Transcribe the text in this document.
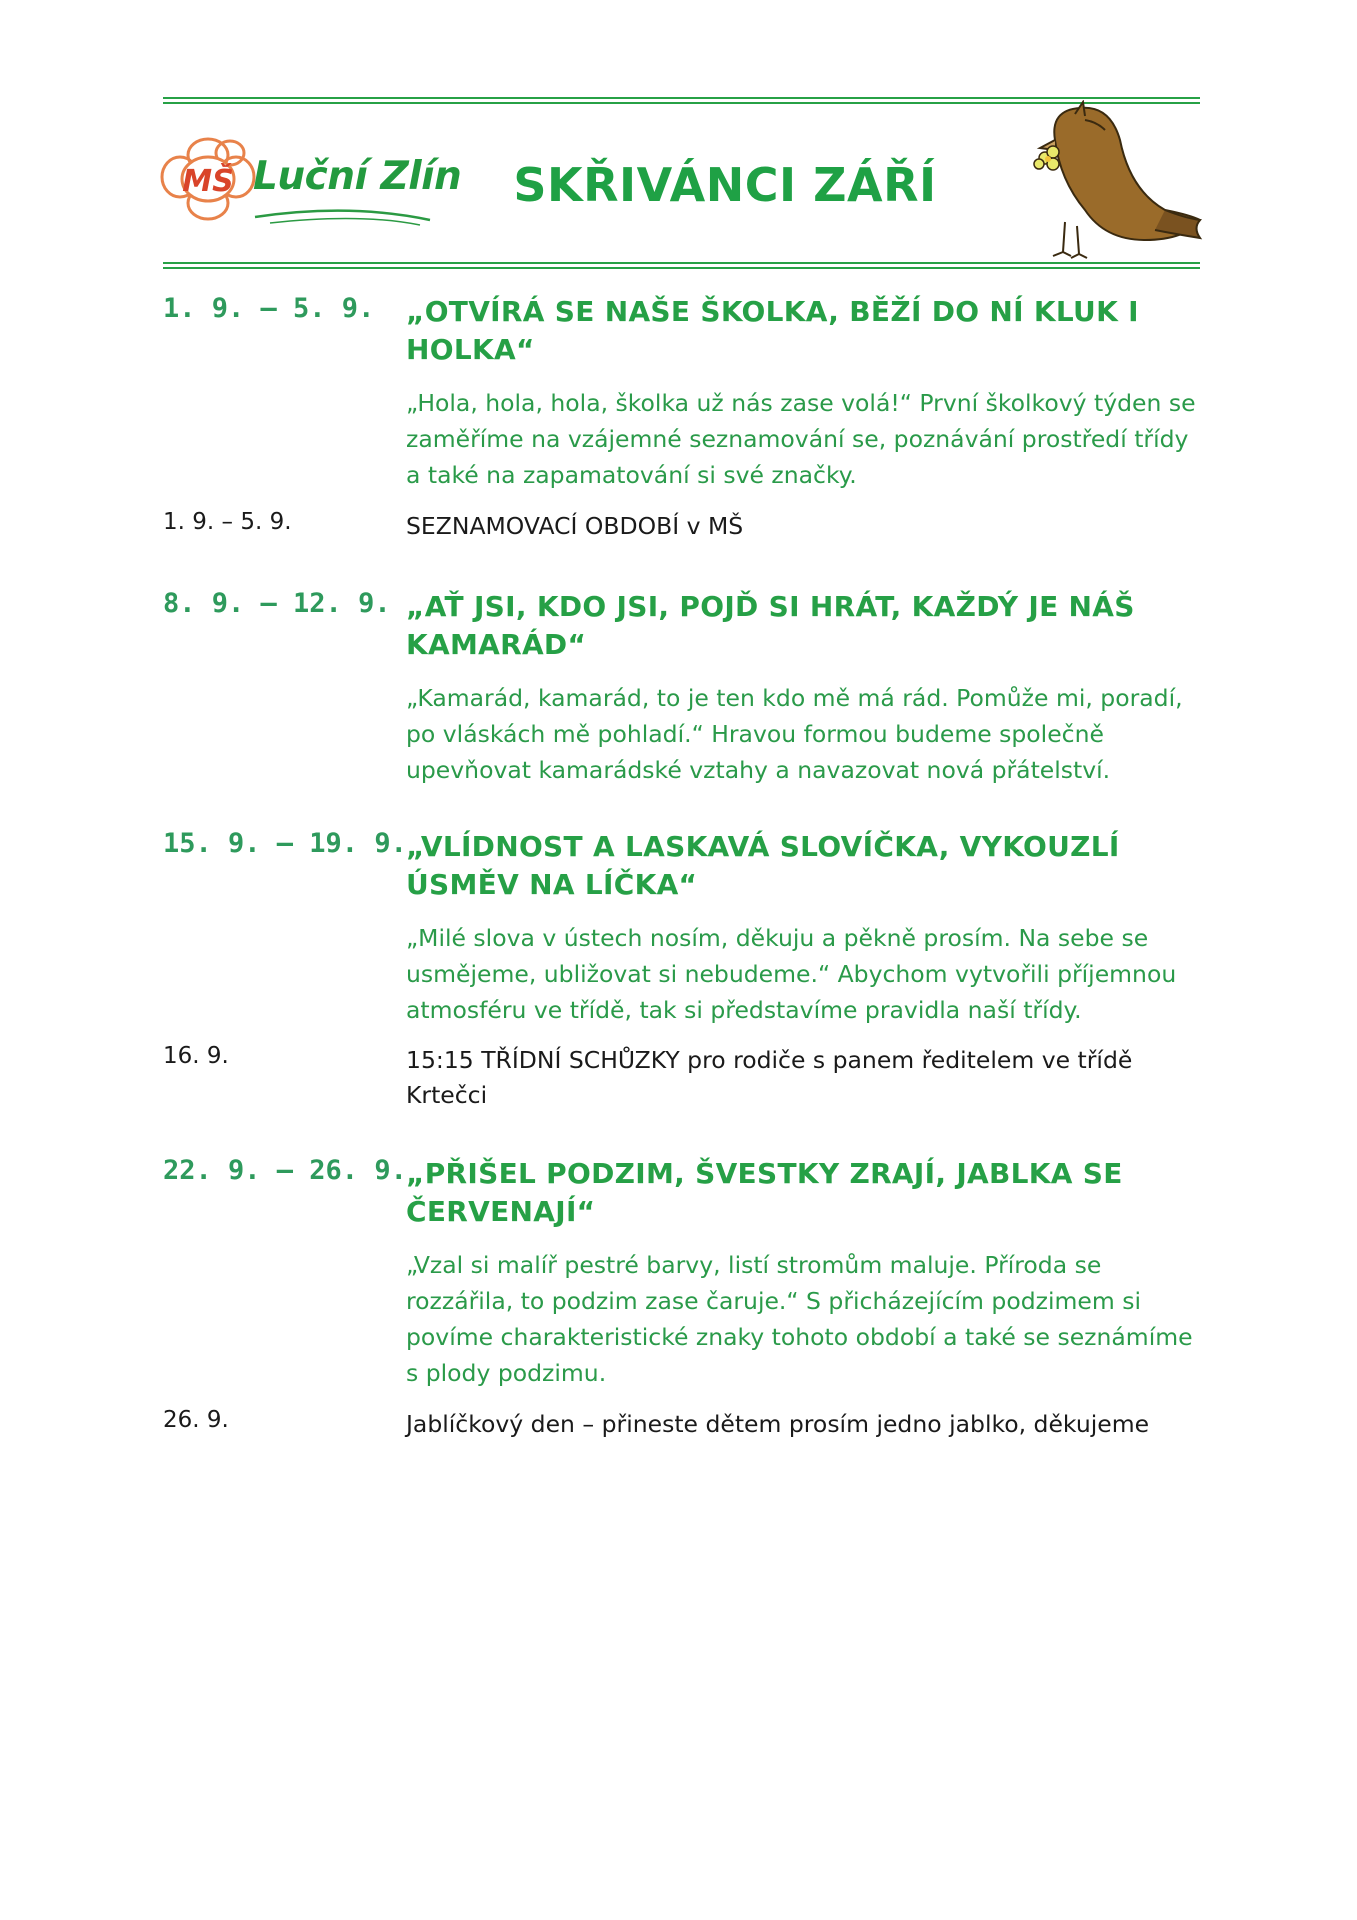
MŠ Luční Zlín	SKŘIVÁNCI ZÁŘÍ
1. 9. – 5. 9.	„OTVÍRÁ SE NAŠE ŠKOLKA, BĚŽÍ DO NÍ KLUK I HOLKA“
„Hola, hola, hola, školka už nás zase volá!“ První školkový týden se zaměříme na vzájemné seznamování se, poznávání prostředí třídy a také na zapamatování si své značky.
1. 9. – 5. 9.	SEZNAMOVACÍ OBDOBÍ v MŠ
8. 9. – 12. 9. „AŤ JSI, KDO JSI, POJĎ SI HRÁT, KAŽDÝ JE NÁŠ KAMARÁD“
„Kamarád, kamarád, to je ten kdo mě má rád. Pomůže mi, poradí, po vláskách mě pohladí.“ Hravou formou budeme společně upevňovat kamarádské vztahy a navazovat nová přátelství.
15. 9. – 19. 9. „VLÍDNOST A LASKAVÁ SLOVÍČKA, VYKOUZLÍ ÚSMĚV NA LÍČKA“
„Milé slova v ústech nosím, děkuju a pěkně prosím. Na sebe se usmějeme, ubližovat si nebudeme.“ Abychom vytvořili příjemnou atmosféru ve třídě, tak si představíme pravidla naší třídy.
16. 9.	15:15 TŘÍDNÍ SCHŮZKY pro rodiče s panem ředitelem ve třídě Krtečci
22. 9. – 26. 9. „PŘIŠEL PODZIM, ŠVESTKY ZRAJÍ, JABLKA SE ČERVENAJÍ“
„Vzal si malíř pestré barvy, listí stromům maluje. Příroda se rozzářila, to podzim zase čaruje.“ S přicházejícím podzimem si povíme charakteristické znaky tohoto období a také se seznámíme s plody podzimu.
26. 9.	Jablíčkový den – přineste dětem prosím jedno jablko, děkujeme
